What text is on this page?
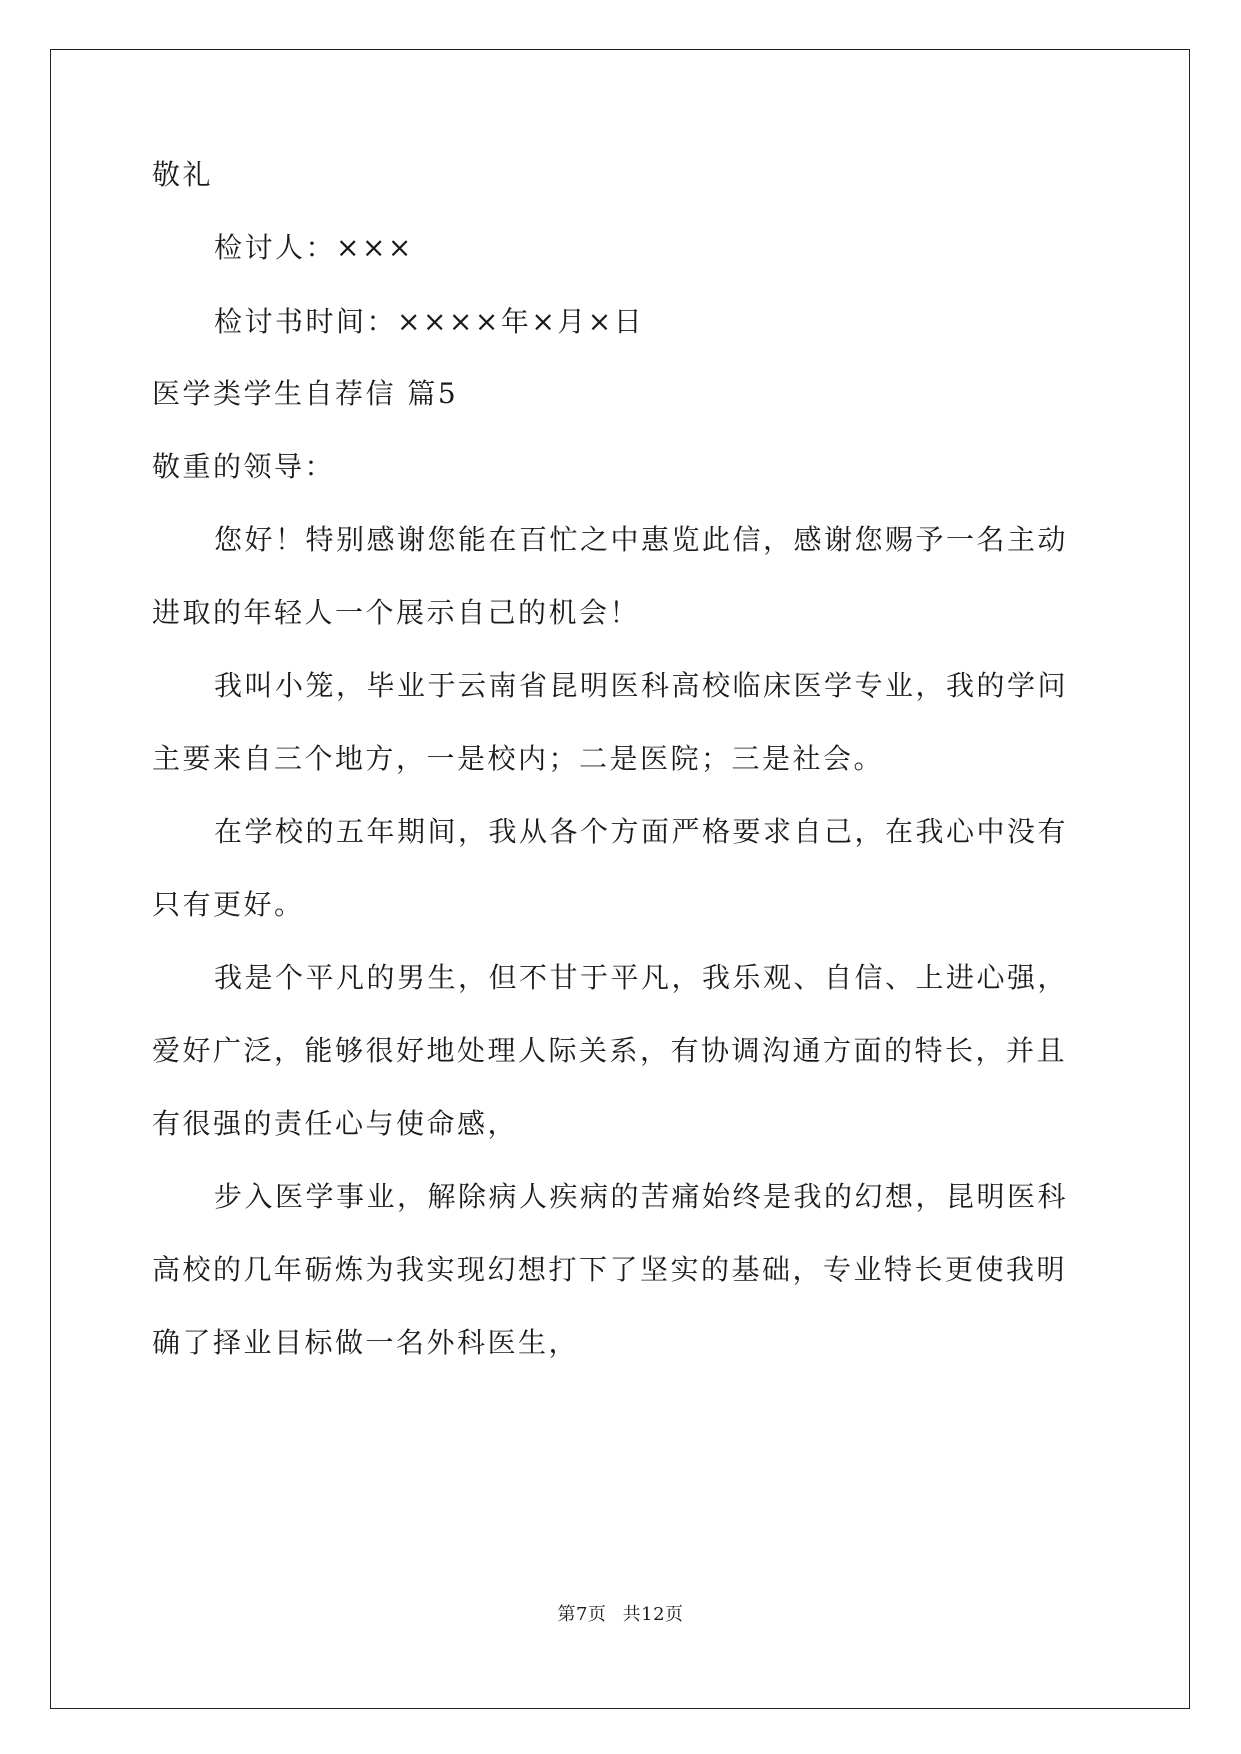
敬礼
检讨人：×××
检讨书时间：××××年×月×日
医学类学生自荐信 篇5
敬重的领导：
您好！特别感谢您能在百忙之中惠览此信，感谢您赐予一名主动
进取的年轻人一个展示自己的机会！
我叫小笼，毕业于云南省昆明医科高校临床医学专业，我的学问
主要来自三个地方，一是校内；二是医院；三是社会。
在学校的五年期间，我从各个方面严格要求自己，在我心中没有
只有更好。
我是个平凡的男生，但不甘于平凡，我乐观、自信、上进心强，
爱好广泛，能够很好地处理人际关系，有协调沟通方面的特长，并且
有很强的责任心与使命感，
步入医学事业，解除病人疾病的苦痛始终是我的幻想，昆明医科
高校的几年砺炼为我实现幻想打下了坚实的基础，专业特长更使我明
确了择业目标做一名外科医生，
第7页 共12页
